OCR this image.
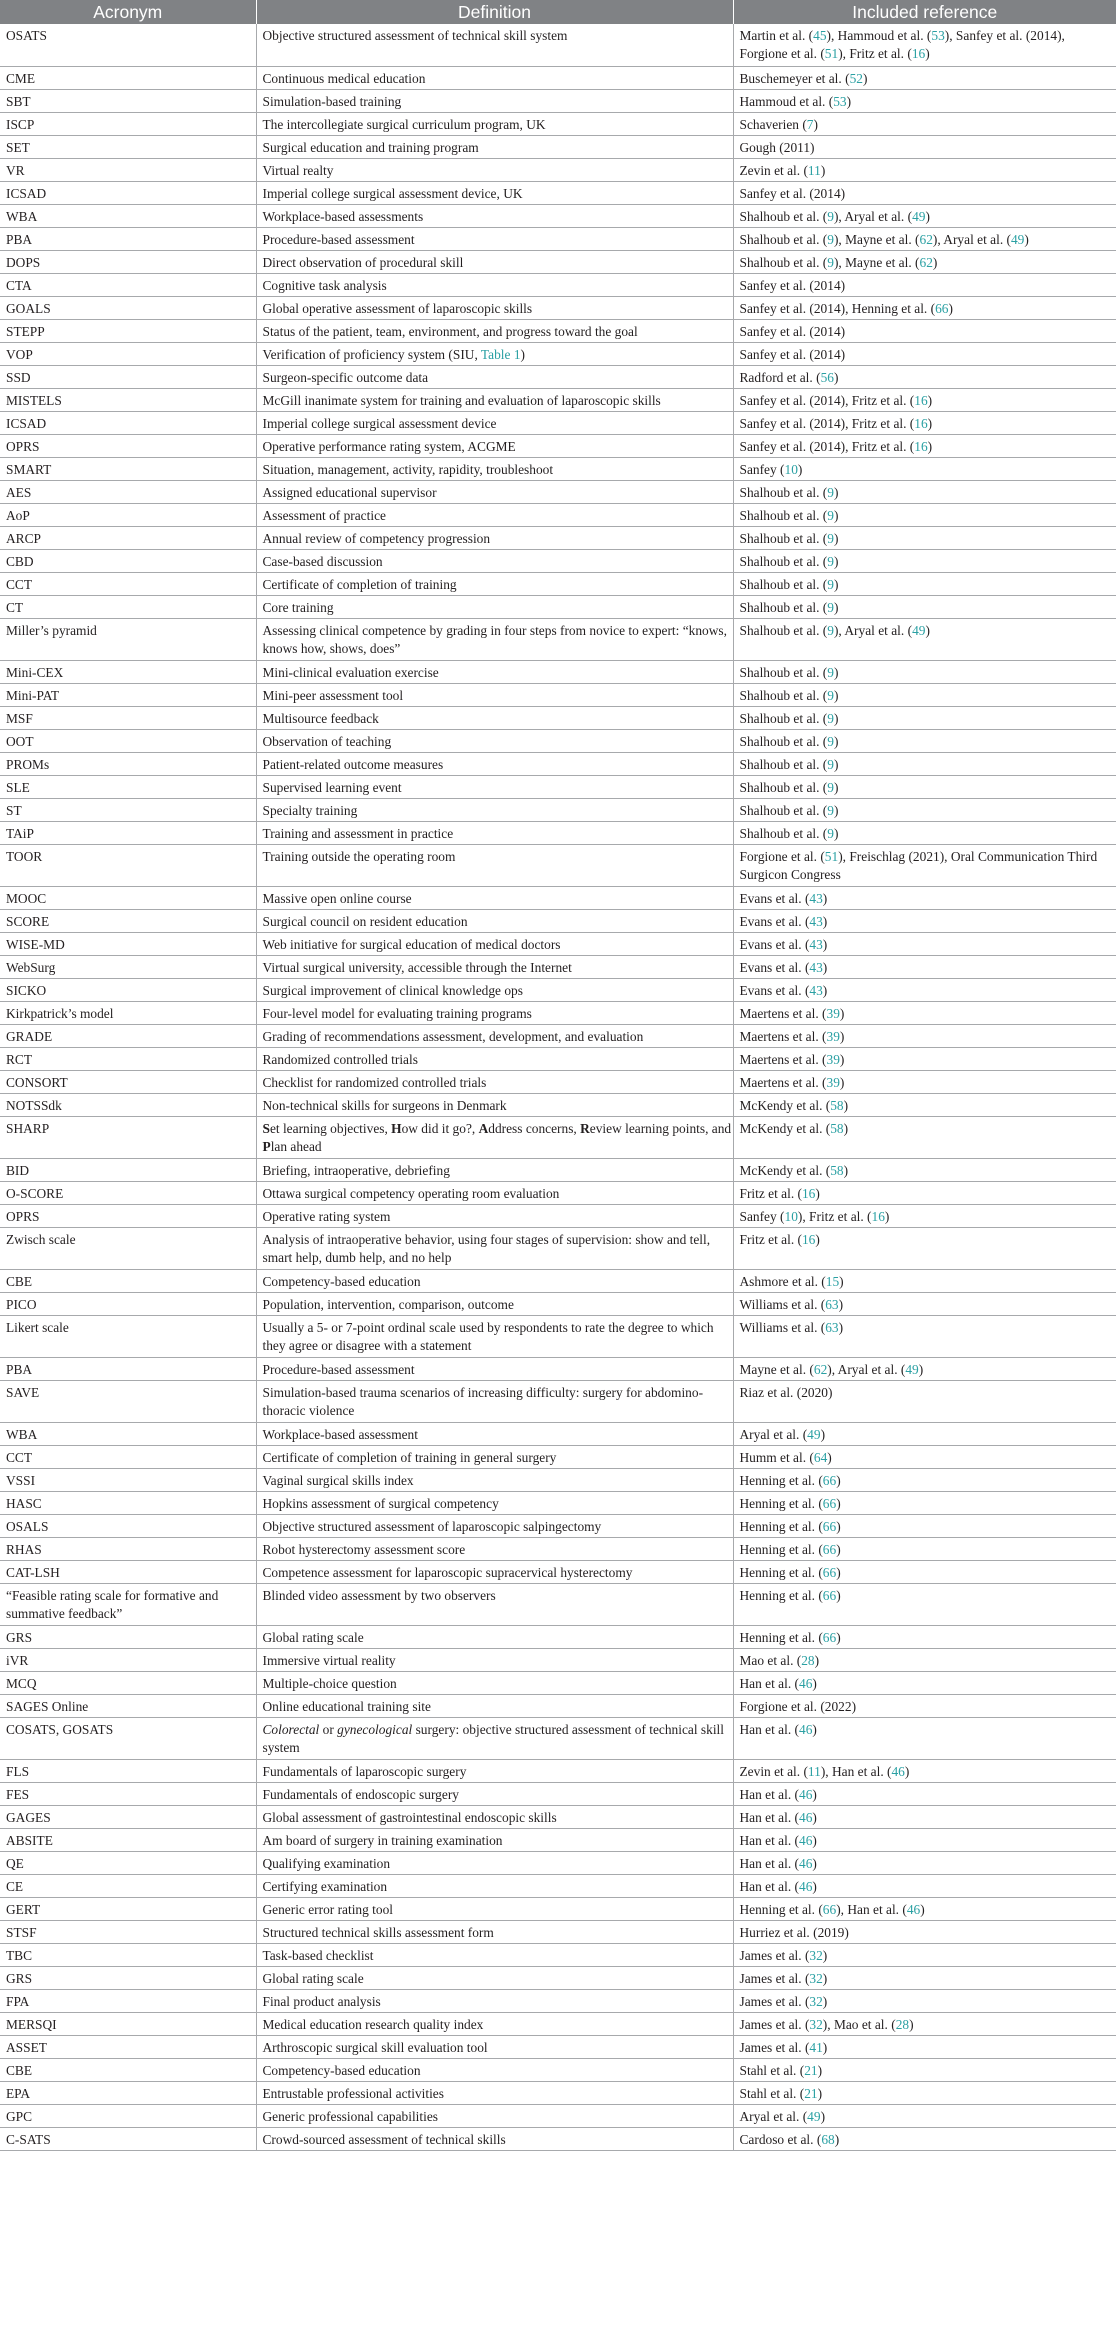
Acronym	Definition	Included reference
OSATS	Objective structured assessment of technical skill system	Martin et al. (45), Hammoud et al. (53), Sanfey et al. (2014), Forgione et al. (51), Fritz et al. (16)
CME	Continuous medical education	Buschemeyer et al. (52)
SBT	Simulation-based training	Hammoud et al. (53)
ISCP	The intercollegiate surgical curriculum program, UK	Schaverien (7)
SET	Surgical education and training program	Gough (2011)
VR	Virtual realty	Zevin et al. (11)
ICSAD	Imperial college surgical assessment device, UK	Sanfey et al. (2014)
WBA	Workplace-based assessments	Shalhoub et al. (9), Aryal et al. (49)
PBA	Procedure-based assessment	Shalhoub et al. (9), Mayne et al. (62), Aryal et al. (49)
DOPS	Direct observation of procedural skill	Shalhoub et al. (9), Mayne et al. (62)
CTA	Cognitive task analysis	Sanfey et al. (2014)
GOALS	Global operative assessment of laparoscopic skills	Sanfey et al. (2014), Henning et al. (66)
STEPP	Status of the patient, team, environment, and progress toward the goal	Sanfey et al. (2014)
VOP	Verification of proficiency system (SIU, Table 1)	Sanfey et al. (2014)
SSD	Surgeon-specific outcome data	Radford et al. (56)
MISTELS	McGill inanimate system for training and evaluation of laparoscopic skills	Sanfey et al. (2014), Fritz et al. (16)
ICSAD	Imperial college surgical assessment device	Sanfey et al. (2014), Fritz et al. (16)
OPRS	Operative performance rating system, ACGME	Sanfey et al. (2014), Fritz et al. (16)
SMART	Situation, management, activity, rapidity, troubleshoot	Sanfey (10)
AES	Assigned educational supervisor	Shalhoub et al. (9)
AoP	Assessment of practice	Shalhoub et al. (9)
ARCP	Annual review of competency progression	Shalhoub et al. (9)
CBD	Case-based discussion	Shalhoub et al. (9)
CCT	Certificate of completion of training	Shalhoub et al. (9)
CT	Core training	Shalhoub et al. (9)
Miller’s pyramid	Assessing clinical competence by grading in four steps from novice to expert: “knows, knows how, shows, does”	Shalhoub et al. (9), Aryal et al. (49)
Mini-CEX	Mini-clinical evaluation exercise	Shalhoub et al. (9)
Mini-PAT	Mini-peer assessment tool	Shalhoub et al. (9)
MSF	Multisource feedback	Shalhoub et al. (9)
OOT	Observation of teaching	Shalhoub et al. (9)
PROMs	Patient-related outcome measures	Shalhoub et al. (9)
SLE	Supervised learning event	Shalhoub et al. (9)
ST	Specialty training	Shalhoub et al. (9)
TAiP	Training and assessment in practice	Shalhoub et al. (9)
TOOR	Training outside the operating room	Forgione et al. (51), Freischlag (2021), Oral Communication Third Surgicon Congress
MOOC	Massive open online course	Evans et al. (43)
SCORE	Surgical council on resident education	Evans et al. (43)
WISE-MD	Web initiative for surgical education of medical doctors	Evans et al. (43)
WebSurg	Virtual surgical university, accessible through the Internet	Evans et al. (43)
SICKO	Surgical improvement of clinical knowledge ops	Evans et al. (43)
Kirkpatrick’s model	Four-level model for evaluating training programs	Maertens et al. (39)
GRADE	Grading of recommendations assessment, development, and evaluation	Maertens et al. (39)
RCT	Randomized controlled trials	Maertens et al. (39)
CONSORT	Checklist for randomized controlled trials	Maertens et al. (39)
NOTSSdk	Non-technical skills for surgeons in Denmark	McKendy et al. (58)
SHARP	Set learning objectives, How did it go?, Address concerns, Review learning points, and Plan ahead	McKendy et al. (58)
BID	Briefing, intraoperative, debriefing	McKendy et al. (58)
O-SCORE	Ottawa surgical competency operating room evaluation	Fritz et al. (16)
OPRS	Operative rating system	Sanfey (10), Fritz et al. (16)
Zwisch scale	Analysis of intraoperative behavior, using four stages of supervision: show and tell, smart help, dumb help, and no help	Fritz et al. (16)
CBE	Competency-based education	Ashmore et al. (15)
PICO	Population, intervention, comparison, outcome	Williams et al. (63)
Likert scale	Usually a 5- or 7-point ordinal scale used by respondents to rate the degree to which they agree or disagree with a statement	Williams et al. (63)
PBA	Procedure-based assessment	Mayne et al. (62), Aryal et al. (49)
SAVE	Simulation-based trauma scenarios of increasing difficulty: surgery for abdomino-thoracic violence	Riaz et al. (2020)
WBA	Workplace-based assessment	Aryal et al. (49)
CCT	Certificate of completion of training in general surgery	Humm et al. (64)
VSSI	Vaginal surgical skills index	Henning et al. (66)
HASC	Hopkins assessment of surgical competency	Henning et al. (66)
OSALS	Objective structured assessment of laparoscopic salpingectomy	Henning et al. (66)
RHAS	Robot hysterectomy assessment score	Henning et al. (66)
CAT-LSH	Competence assessment for laparoscopic supracervical hysterectomy	Henning et al. (66)
“Feasible rating scale for formative and summative feedback”	Blinded video assessment by two observers	Henning et al. (66)
GRS	Global rating scale	Henning et al. (66)
iVR	Immersive virtual reality	Mao et al. (28)
MCQ	Multiple-choice question	Han et al. (46)
SAGES Online	Online educational training site	Forgione et al. (2022)
COSATS, GOSATS	Colorectal or gynecological surgery: objective structured assessment of technical skill system	Han et al. (46)
FLS	Fundamentals of laparoscopic surgery	Zevin et al. (11), Han et al. (46)
FES	Fundamentals of endoscopic surgery	Han et al. (46)
GAGES	Global assessment of gastrointestinal endoscopic skills	Han et al. (46)
ABSITE	Am board of surgery in training examination	Han et al. (46)
QE	Qualifying examination	Han et al. (46)
CE	Certifying examination	Han et al. (46)
GERT	Generic error rating tool	Henning et al. (66), Han et al. (46)
STSF	Structured technical skills assessment form	Hurriez et al. (2019)
TBC	Task-based checklist	James et al. (32)
GRS	Global rating scale	James et al. (32)
FPA	Final product analysis	James et al. (32)
MERSQI	Medical education research quality index	James et al. (32), Mao et al. (28)
ASSET	Arthroscopic surgical skill evaluation tool	James et al. (41)
CBE	Competency-based education	Stahl et al. (21)
EPA	Entrustable professional activities	Stahl et al. (21)
GPC	Generic professional capabilities	Aryal et al. (49)
C-SATS	Crowd-sourced assessment of technical skills	Cardoso et al. (68)
